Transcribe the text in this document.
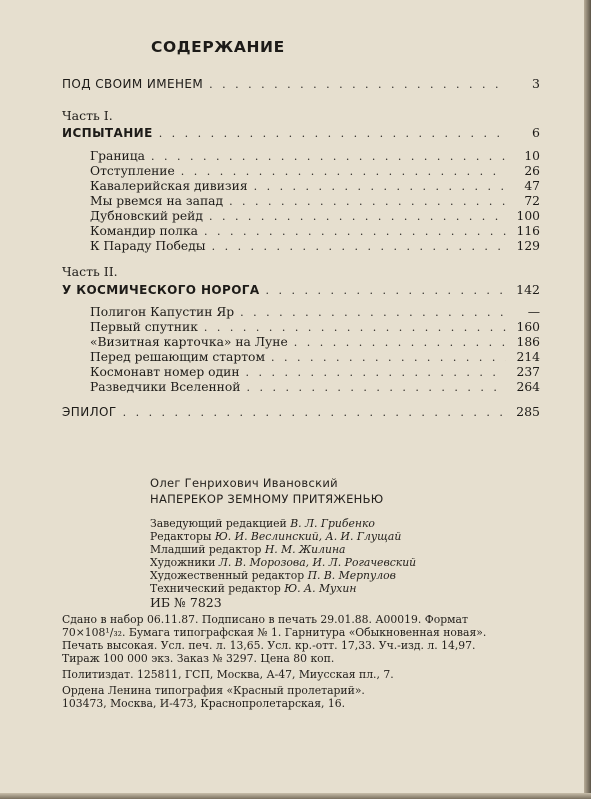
СОДЕРЖАНИЕ
ПОД СВОИМ ИМЕНЕМ . . .	3

Часть I.

ИСПЫТАНИЕ . . .	6
Граница . . .	10
Отступление . . .	26
Кавалерийская дивизия . . .	47
Мы рвемся на запад . . .	72
Дубновский рейд . . .	100
Командир полка . . .	116
К Параду Победы . . .	129

Часть II.

У КОСМИЧЕСКОГО НОРОГА . . .	142
Полигон Капустин Яр . . .	—
Первый спутник . . .	160
«Визитная карточка» на Луне . . .	186
Перед решающим стартом . . .	214
Космонавт номер один . . .	237
Разведчики Вселенной . . .	264
ЭПИЛОГ . . .	285

Олег Генрихович Ивановский

НАПЕРЕКОР ЗЕМНОМУ ПРИТЯЖЕНЬЮ

Заведующий редакцией В. Л. Грибенко

Редакторы Ю. И. Веслинский, А. И. Глущай

Младший редактор Н. М. Жилина

Художники Л. В. Морозова, И. Л. Рогачевский

Художественный редактор П. В. Мерпулов

Технический редактор Ю. А. Мухин

ИБ № 7823

Сдано в набор 06.11.87. Подписано в печать 29.01.88. А00019. Формат

70×108¹/₃₂. Бумага типографская № 1. Гарнитура «Обыкновенная новая».

Печать высокая. Усл. печ. л. 13,65. Усл. кр.-отт. 17,33. Уч.-изд. л. 14,97.

Тираж 100 000 экз. Заказ № 3297. Цена 80 коп.

Политиздат. 125811, ГСП, Москва, А-47, Миусская пл., 7.

Ордена Ленина типография «Красный пролетарий».

103473, Москва, И-473, Краснопролетарская, 16.
